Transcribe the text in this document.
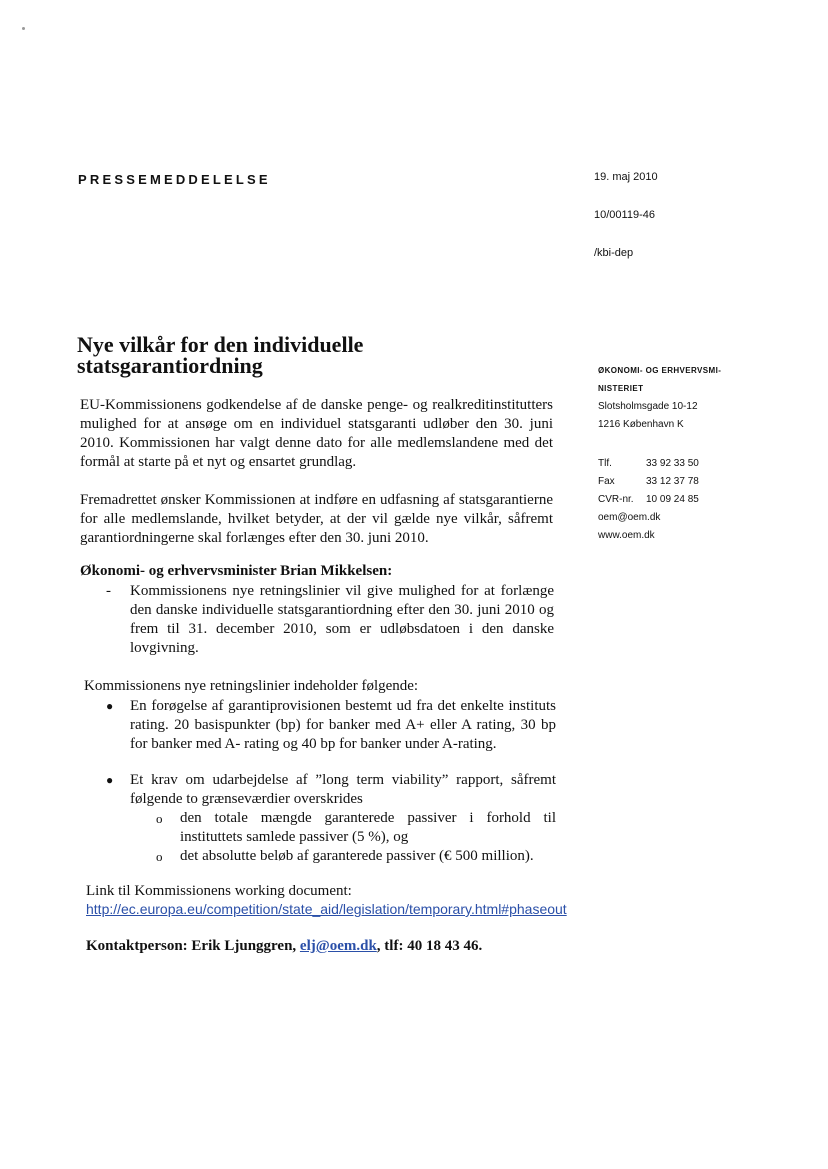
PRESSEMEDDELELSE	19. maj 2010
10/00119-46
/kbi-dep
Nye vilkår for den individuelle statsgarantiordning
EU-Kommissionens godkendelse af de danske penge- og realkreditinstitutters mulighed for at ansøge om en individuel statsgaranti udløber den 30. juni 2010. Kommissionen har valgt denne dato for alle medlemslandene med det formål at starte på et nyt og ensartet grundlag.
Fremadrettet ønsker Kommissionen at indføre en udfasning af statsgarantierne for alle medlemslande, hvilket betyder, at der vil gælde nye vilkår, såfremt garantiordningerne skal forlænges efter den 30. juni 2010.
Økonomi- og erhvervsminister Brian Mikkelsen:
- Kommissionens nye retningslinier vil give mulighed for at forlænge den danske individuelle statsgarantiordning efter den 30. juni 2010 og frem til 31. december 2010, som er udløbsdatoen i den danske lovgivning.
Kommissionens nye retningslinier indeholder følgende:
● En forøgelse af garantiprovisionen bestemt ud fra det enkelte instituts rating. 20 basispunkter (bp) for banker med A+ eller A rating, 30 bp for banker med A- rating og 40 bp for banker under A-rating.
● Et krav om udarbejdelse af ”long term viability” rapport, såfremt følgende to grænseværdier overskrides
o den totale mængde garanterede passiver i forhold til instituttets samlede passiver (5 %), og
o det absolutte beløb af garanterede passiver (€ 500 million).
Link til Kommissionens working document:
http://ec.europa.eu/competition/state_aid/legislation/temporary.html#phaseout
Kontaktperson: Erik Ljunggren, elj@oem.dk, tlf: 40 18 43 46.
ØKONOMI- OG ERHVERVSMI-
NISTERIET
Slotsholmsgade 10-12
1216 København K
Tlf.	33 92 33 50
Fax	33 12 37 78
CVR-nr. 10 09 24 85
oem@oem.dk
www.oem.dk
